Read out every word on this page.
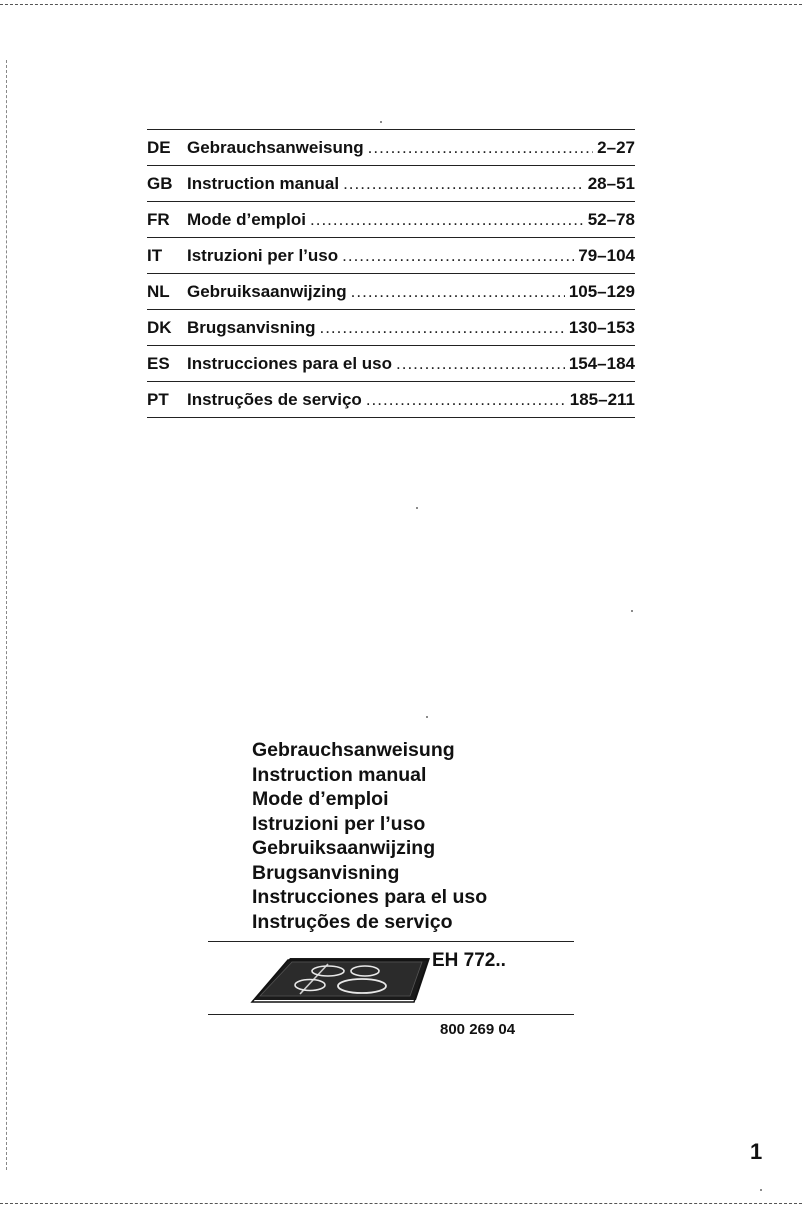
DE Gebrauchsanweisung .....	2–27
GB Instruction manual .....	28–51
FR	Mode d’emploi .....	52–78
IT	Istruzioni per l’uso .....	79–104
NL	Gebruiksaanwijzing .....	105–129
DK Brugsanvisning .....	130–153
ES	Instrucciones para el uso .....	154–184
PT	Instruções de serviço .....	185–211
Gebrauchsanweisung
Instruction manual
Mode d’emploi
Istruzioni per l’uso
Gebruiksaanwijzing
Brugsanvisning
Instrucciones para el uso
Instruções de serviço
EH 772..
800 269 04
1
